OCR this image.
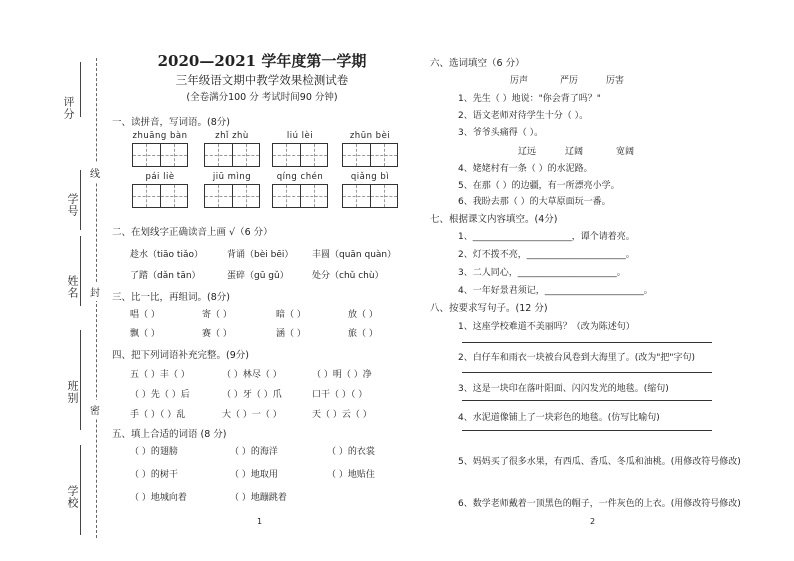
评分
学号
姓名
班别
学校
线
封
密
2020—2021 学年度第一学期
三年级语文期中教学效果检测试卷
(全卷满分100 分 考试时间90 分钟)
一、读拼音，写词语。(8分)
zhuāng bàn	zhǐ zhù	liú lèi	zhūn bèi
pái liè	jiū mìng	qíng chén	qiǎng bì
二、在划线字正确读音上画 √（6 分）
趁水（tiāo tiǎo）	背诵（bèi bēi） 丰圆（quān quàn）
了踏（dǎn tān）	蛋碎（gū gǔ）	处分（chǔ chù）
三、比一比，再组词。(8分)
唱（ ）	寄（ ）	暗（ ）	放（ ）
飘（ ）	赛（ ）	涵（ ）	旅（ ）
四、把下列词语补充完整。(9分)
五（ ）丰（ ）	（ ）林尽（ ）	（ ）明（ ）净
（ ）先（ ）后	（ ）牙（ ）爪	口干（ ）（ ）
手（ ）（ ）乱	大（ ）一（ ）	天（ ）云（ ）
五、填上合适的词语 (8 分)
（ ）的翅膀	（ ）的海洋	（ ）的衣裳
（ ）的树干	（ ）地取用	（ ）地贴住
（ ）地城向着	（ ）地蹦跳着
1
六、选词填空（6 分）
厉声	严厉	厉害
1、先生（ ）地说："你会背了吗？"
2、语文老师对待学生十分（ ）。
3、爷爷头痛得（ ）。
辽远	辽阔	宽阔
4、姥姥村有一条（ ）的水泥路。
5、在那（ ）的边疆，有一所漂亮小学。
6、我盼去那（ ）的大草原面玩一番。
七、根据课文内容填空。(4分)
1、______________________，谭个请着亮。
2、灯不拨不亮，______________________。
3、二人同心，______________________。
4、一年好景君须记，______________________。
八、按要求写句子。(12 分)
1、这座学校难道不美丽吗？（改为陈述句）
2、白仔车和雨衣一块被台风卷到大海里了。(改为"把"字句)
3、这是一块印在落叶阳面、闪闪发光的地毯。(缩句)
4、水泥道像铺上了一块彩色的地毯。(仿写比喻句)
5、妈妈买了很多水果，有西瓜、香瓜、冬瓜和油桃。(用修改符号修改)
6、数学老师戴着一顶黑色的帽子，一件灰色的上衣。(用修改符号修改)
2
